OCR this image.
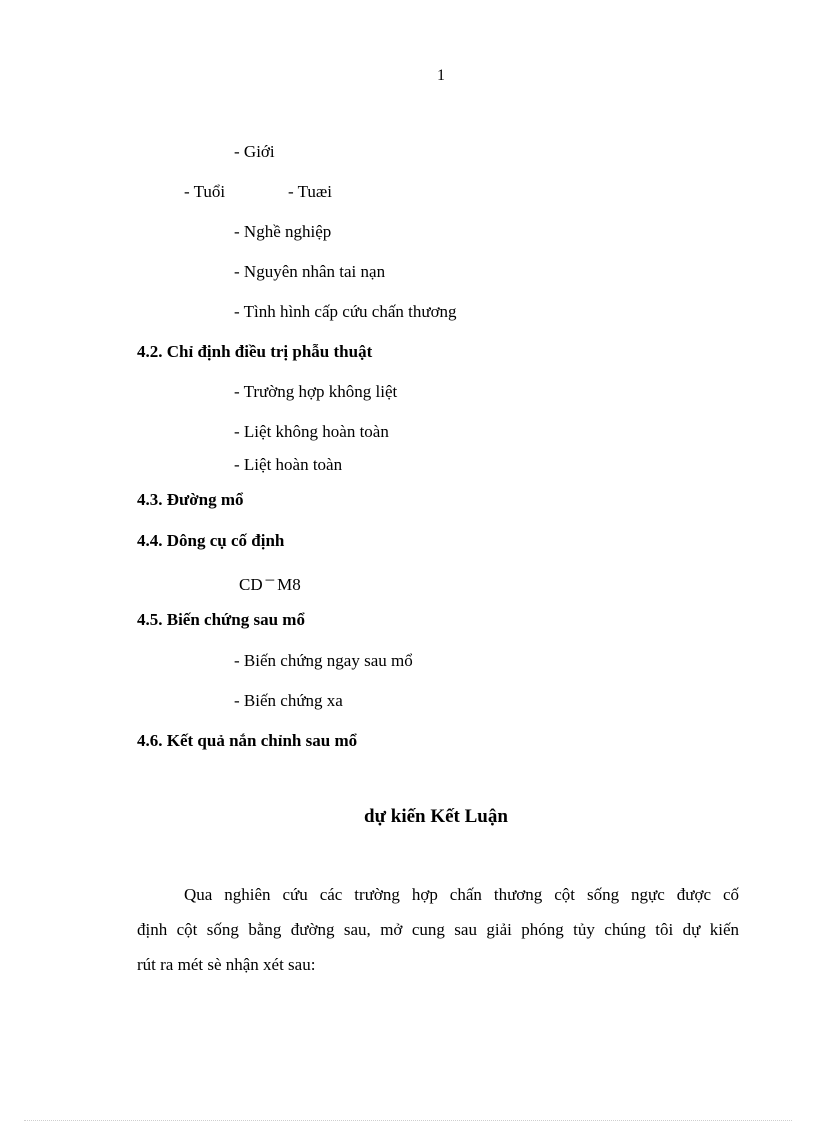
1
- Giới
- Tuổi	- Tuæi
- Nghề nghiệp
- Nguyên nhân tai nạn
- Tình hình cấp cứu chấn thương
4.2. Chỉ định điều trị phẫu thuật
- Trường hợp không liệt
- Liệt không hoàn toàn
- Liệt hoàn toàn
4.3. Đường mổ
4.4. Dông cụ cố định
CD – M8
4.5. Biến chứng sau mổ
- Biến chứng ngay sau mổ
- Biến chứng xa
4.6. Kết quả nắn chỉnh sau mổ
dự kiến Kết Luận
Qua nghiên cứu các trường hợp chấn thương cột sống ngực được cố
định cột sống bằng đường sau, mở cung sau giải phóng tủy chúng tôi dự kiến
rút ra mét sè nhận xét sau:
